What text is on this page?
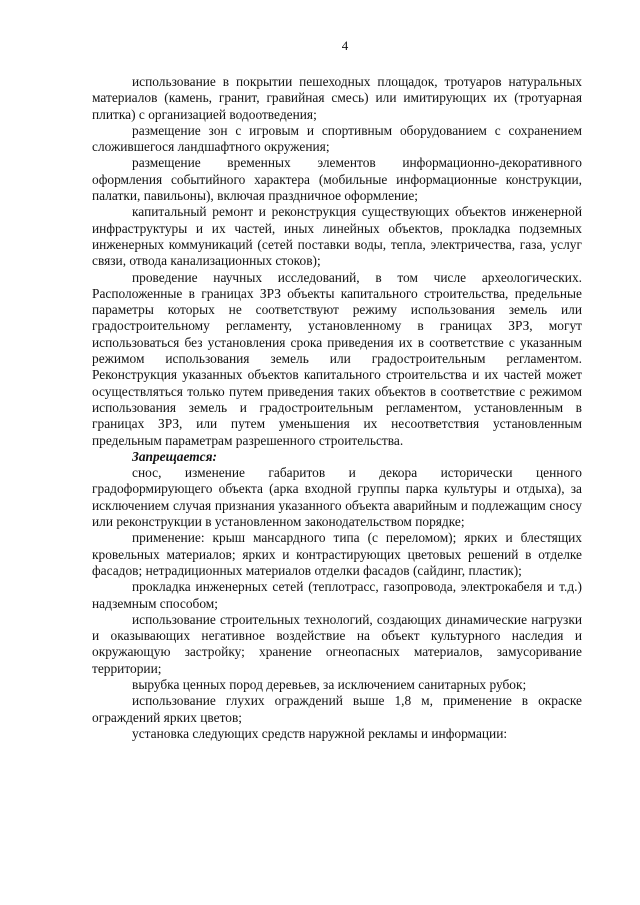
4

использование в покрытии пешеходных площадок, тротуаров натуральных материалов (камень, гранит, гравийная смесь) или имитирующих их (тротуарная плитка) с организацией водоотведения;

размещение зон с игровым и спортивным оборудованием с сохранением сложившегося ландшафтного окружения;

размещение временных элементов информационно-декоративного оформления событийного характера (мобильные информационные конструкции, палатки, павильоны), включая праздничное оформление;

капитальный ремонт и реконструкция существующих объектов инженерной инфраструктуры и их частей, иных линейных объектов, прокладка подземных инженерных коммуникаций (сетей поставки воды, тепла, электричества, газа, услуг связи, отвода канализационных стоков);

проведение научных исследований, в том числе археологических. Расположенные в границах ЗРЗ объекты капитального строительства, предельные параметры которых не соответствуют режиму использования земель или градостроительному регламенту, установленному в границах ЗРЗ, могут использоваться без установления срока приведения их в соответствие с указанным режимом использования земель или градостроительным регламентом. Реконструкция указанных объектов капитального строительства и их частей может осуществляться только путем приведения таких объектов в соответствие с режимом использования земель и градостроительным регламентом, установленным в границах ЗРЗ, или путем уменьшения их несоответствия установленным предельным параметрам разрешенного строительства.

Запрещается:

снос, изменение габаритов и декора исторически ценного градоформирующего объекта (арка входной группы парка культуры и отдыха), за исключением случая признания указанного объекта аварийным и подлежащим сносу или реконструкции в установленном законодательством порядке;

применение: крыш мансардного типа (с переломом); ярких и блестящих кровельных материалов; ярких и контрастирующих цветовых решений в отделке фасадов; нетрадиционных материалов отделки фасадов (сайдинг, пластик);

прокладка инженерных сетей (теплотрасс, газопровода, электрокабеля и т.д.) надземным способом;

использование строительных технологий, создающих динамические нагрузки и оказывающих негативное воздействие на объект культурного наследия и окружающую застройку; хранение огнеопасных материалов, замусоривание территории;

вырубка ценных пород деревьев, за исключением санитарных рубок;

использование глухих ограждений выше 1,8 м, применение в окраске ограждений ярких цветов;

установка следующих средств наружной рекламы и информации:
